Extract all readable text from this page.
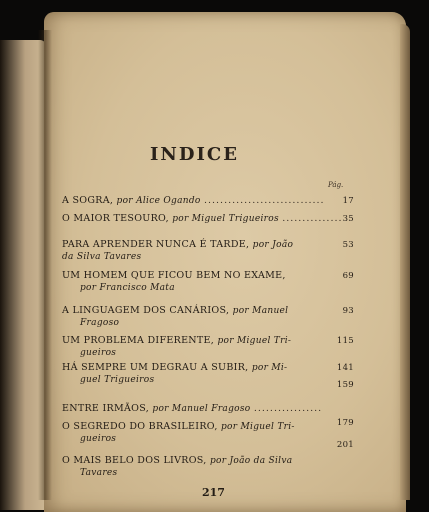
INDICE
Pág.
A SOGRA, por Alice Ogando ..............................	17
O MAIOR TESOURO, por Miguel Trigueiros ............... 35
PARA APRENDER NUNCA É TARDE, por João
da Silva Tavares
53
UM HOMEM QUE FICOU BEM NO EXAME,
por Francisco Mata
69
A LINGUAGEM DOS CANÁRIOS, por Manuel
Fragoso
93
UM PROBLEMA DIFERENTE, por Miguel Tri-
gueiros
115
HÁ SEMPRE UM DEGRAU A SUBIR, por Mi-
guel Trigueiros
141
ENTRE IRMÃOS, por Manuel Fragoso .................
159
O SEGREDO DO BRASILEIRO, por Miguel Tri-
gueiros
179
O MAIS BELO DOS LIVROS, por João da Silva
Tavares
201
217
